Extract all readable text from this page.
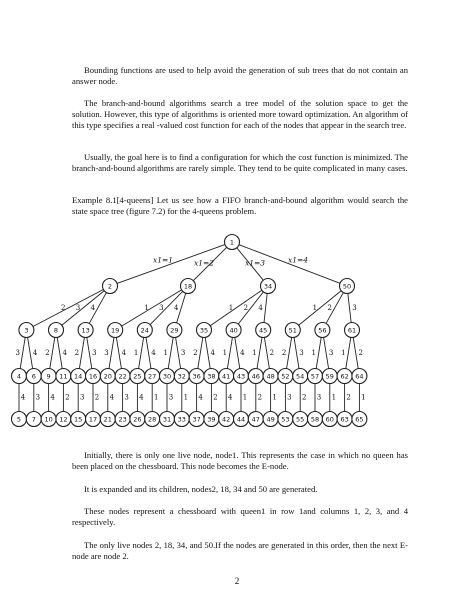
Bounding functions are used to help avoid the generation of sub trees that do not contain an answer node.

The branch-and-bound algorithms search a tree model of the solution space to get the solution. However, this type of algorithms is oriented more toward optimization. An algorithm of this type specifies a real -valued cost function for each of the nodes that appear in the search tree.

Usually, the goal here is to find a configuration for which the cost function is minimized. The branch-and-bound algorithms are rarely simple. They tend to be quite complicated in many cases.

Example 8.1[4-queens] Let us see how a FIFO branch-and-bound algorithm would search the state space tree (figure 7.2) for the 4-queens problem.

x1=1	x1=2	x1=3	x1=4
2 3 4	1 3 4	1 2 4	1 2	3
3 4 2 4 2 3 3 4 1 4 1 3 2 4 1 4 1 2 2 3 1 3 1 2
4 3 4 2 3 2 4 3 4 1 3 1 4 2 4 1 2 1 3 2 3 1 2 1
1
2	18	34	50
3	8	13	19	24	29	35	40	45	51	56	61
4 6 9 11 14 16 20 22 25 27 30 32 36 38 41 43 46 48 52 54 57 59 62 64
5 7 10 12 15 17 21 23 26 28 31 33 37 39 42 44 47 49 53 55 58 60 63 65

Initially, there is only one live node, node1. This represents the case in which no queen has been placed on the chessboard. This node becomes the E-node.

It is expanded and its children, nodes2, 18, 34 and 50 are generated.

These nodes represent a chessboard with queen1 in row 1and columns 1, 2, 3, and 4 respectively.

The only live nodes 2, 18, 34, and 50.If the nodes are generated in this order, then the next E-node are node 2.

2
